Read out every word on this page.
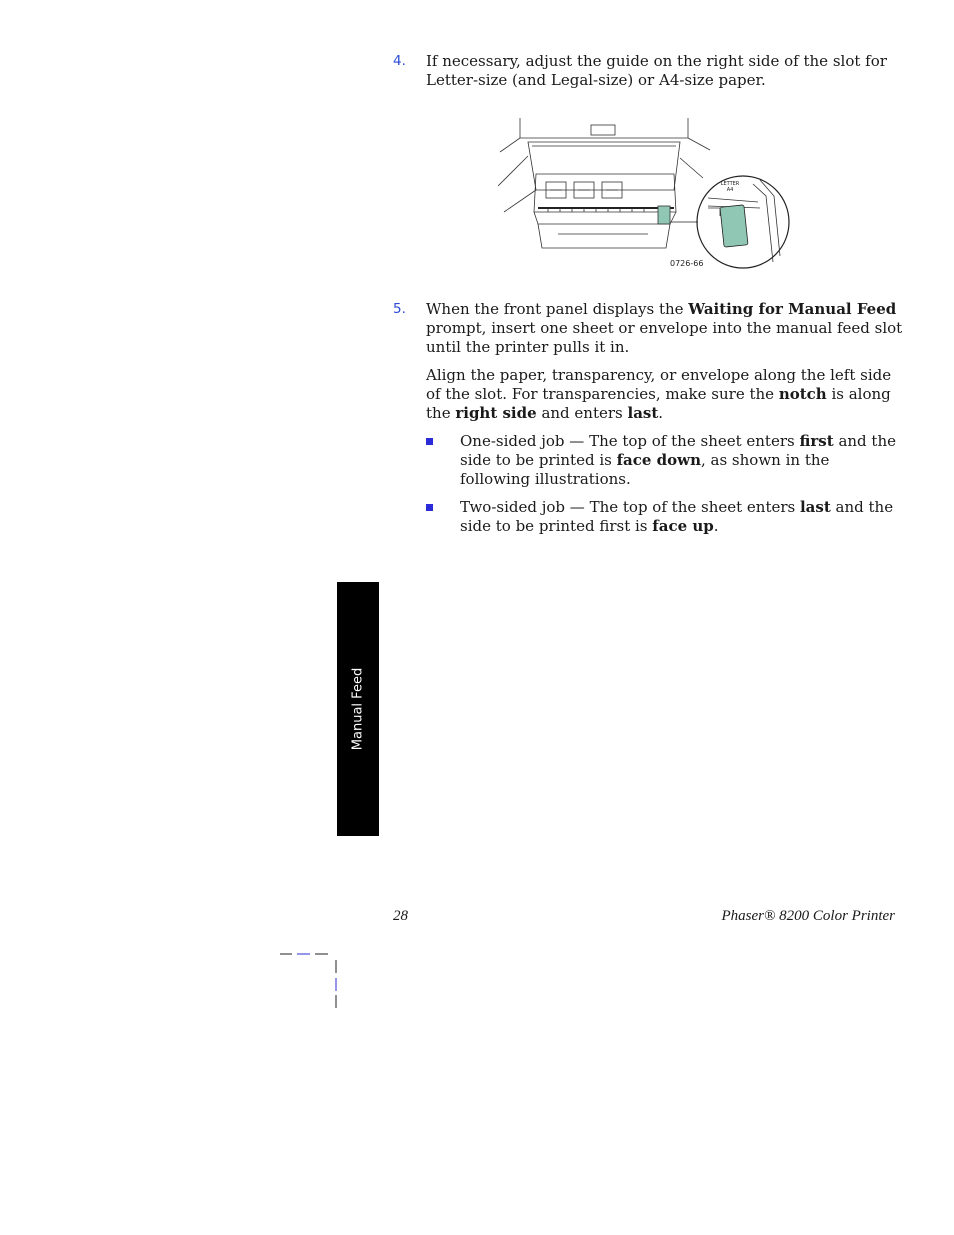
4. If necessary, adjust the guide on the right side of the slot for Letter-size (and Legal-size) or A4-size paper.

LETTER
A4
0726-66
5. When the front panel displays the Waiting for Manual Feed prompt, insert one sheet or envelope into the manual feed slot until the printer pulls it in.

Align the paper, transparency, or envelope along the left side of the slot. For transparencies, make sure the notch is along the right side and enters last.

One-sided job — The top of the sheet enters first and the side to be printed is face down, as shown in the following illustrations.
Two-sided job — The top of the sheet enters last and the side to be printed first is face up.
Manual Feed
28	Phaser® 8200 Color Printer
